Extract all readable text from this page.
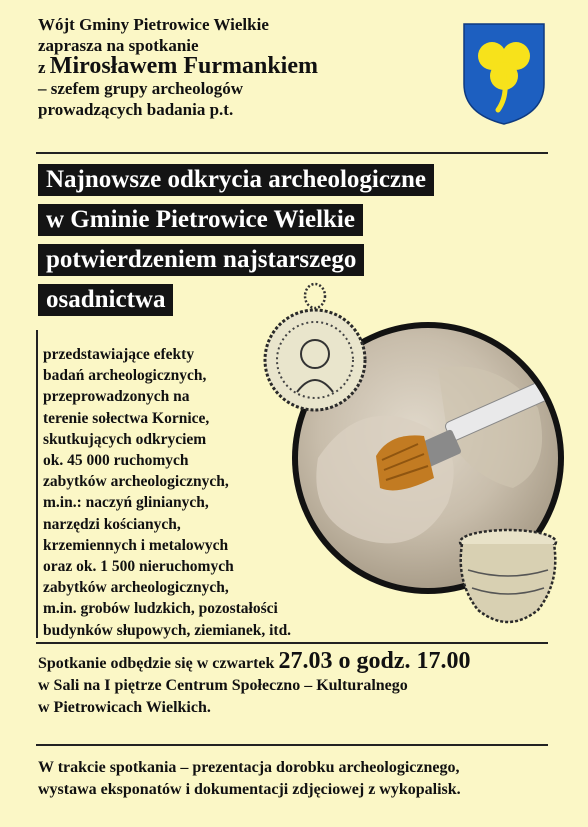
Wójt Gminy Pietrowice Wielkie
zaprasza na spotkanie
z Mirosławem Furmankiem
– szefem grupy archeologów
prowadzących badania p.t.
Najnowsze odkrycia archeologiczne
w Gminie Pietrowice Wielkie
potwierdzeniem najstarszego
osadnictwa
przedstawiające efekty
badań archeologicznych,
przeprowadzonych na
terenie sołectwa Kornice,
skutkujących odkryciem
ok. 45 000 ruchomych
zabytków archeologicznych,
m.in.: naczyń glinianych,
narzędzi kościanych,
krzemiennych i metalowych
oraz ok. 1 500 nieruchomych
zabytków archeologicznych,
m.in. grobów ludzkich, pozostałości
budynków słupowych, ziemianek, itd.
Spotkanie odbędzie się w czwartek 27.03 o godz. 17.00
w Sali na I piętrze Centrum Społeczno – Kulturalnego
w Pietrowicach Wielkich.
W trakcie spotkania – prezentacja dorobku archeologicznego,
wystawa eksponatów i dokumentacji zdjęciowej z wykopalisk.
